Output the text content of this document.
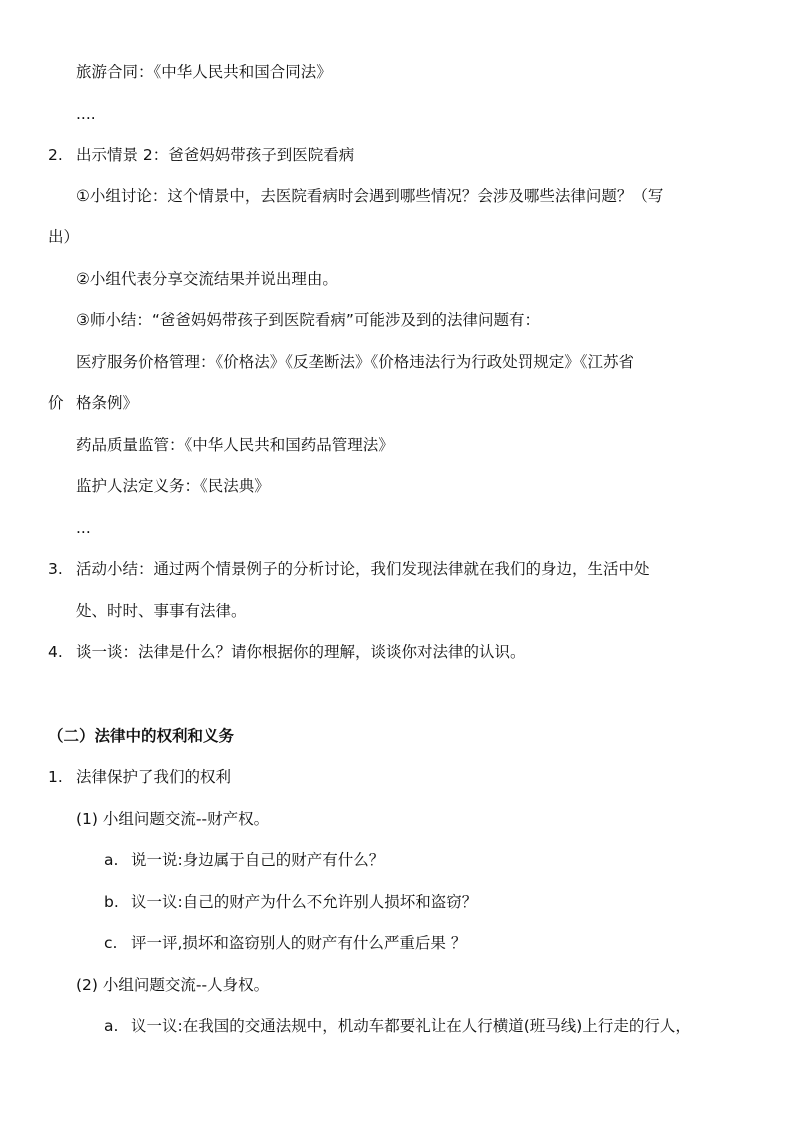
旅游合同：《中华人民共和国合同法》
....
2. 出示情景 2：爸爸妈妈带孩子到医院看病
①小组讨论：这个情景中，去医院看病时会遇到哪些情况？会涉及哪些法律问题？（写
出）
②小组代表分享交流结果并说出理由。
③师小结：“爸爸妈妈带孩子到医院看病”可能涉及到的法律问题有：
医疗服务价格管理：《价格法》《反垄断法》《价格违法行为行政处罚规定》《江苏省
价 格条例》
药品质量监管：《中华人民共和国药品管理法》
监护人法定义务：《民法典》
...
3. 活动小结：通过两个情景例子的分析讨论，我们发现法律就在我们的身边，生活中处
处、时时、事事有法律。
4. 谈一谈：法律是什么？请你根据你的理解，谈谈你对法律的认识。
（二）法律中的权利和义务
1. 法律保护了我们的权利
(1) 小组问题交流--财产权。
a. 说一说:身边属于自己的财产有什么？
b. 议一议:自己的财产为什么不允许别人损坏和盗窃？
c. 评一评,损坏和盗窃别人的财产有什么严重后果 ？
(2) 小组问题交流--人身权。
a. 议一议:在我国的交通法规中，机动车都要礼让在人行横道(班马线)上行走的行人，
